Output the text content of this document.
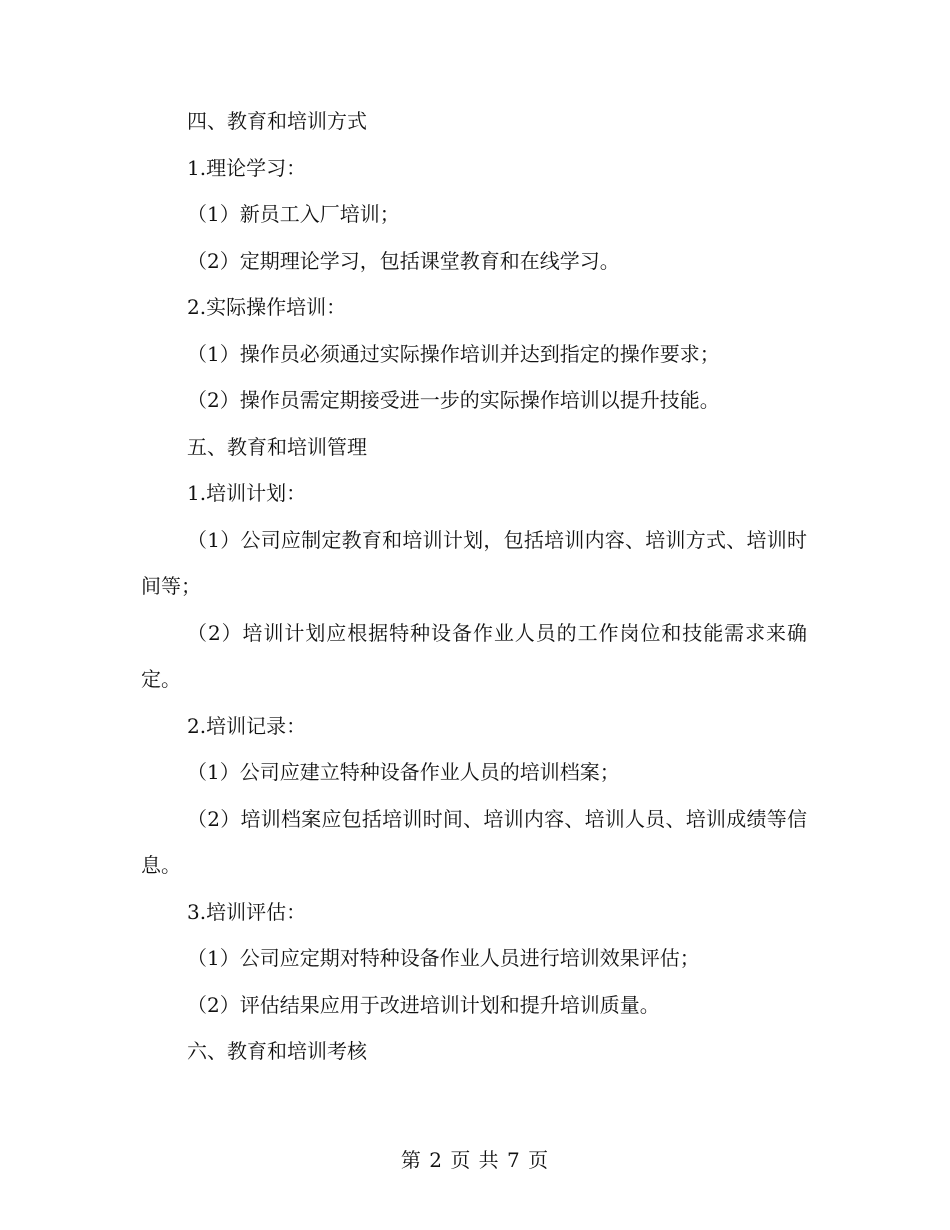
四、教育和培训方式

1.理论学习：

（1）新员工入厂培训；

（2）定期理论学习，包括课堂教育和在线学习。

2.实际操作培训：

（1）操作员必须通过实际操作培训并达到指定的操作要求；

（2）操作员需定期接受进一步的实际操作培训以提升技能。

五、教育和培训管理

1.培训计划：

（1）公司应制定教育和培训计划，包括培训内容、培训方式、培训时间等；

（2）培训计划应根据特种设备作业人员的工作岗位和技能需求来确定。

2.培训记录：

（1）公司应建立特种设备作业人员的培训档案；

（2）培训档案应包括培训时间、培训内容、培训人员、培训成绩等信息。

3.培训评估：

（1）公司应定期对特种设备作业人员进行培训效果评估；

（2）评估结果应用于改进培训计划和提升培训质量。

六、教育和培训考核

第 2 页 共 7 页
